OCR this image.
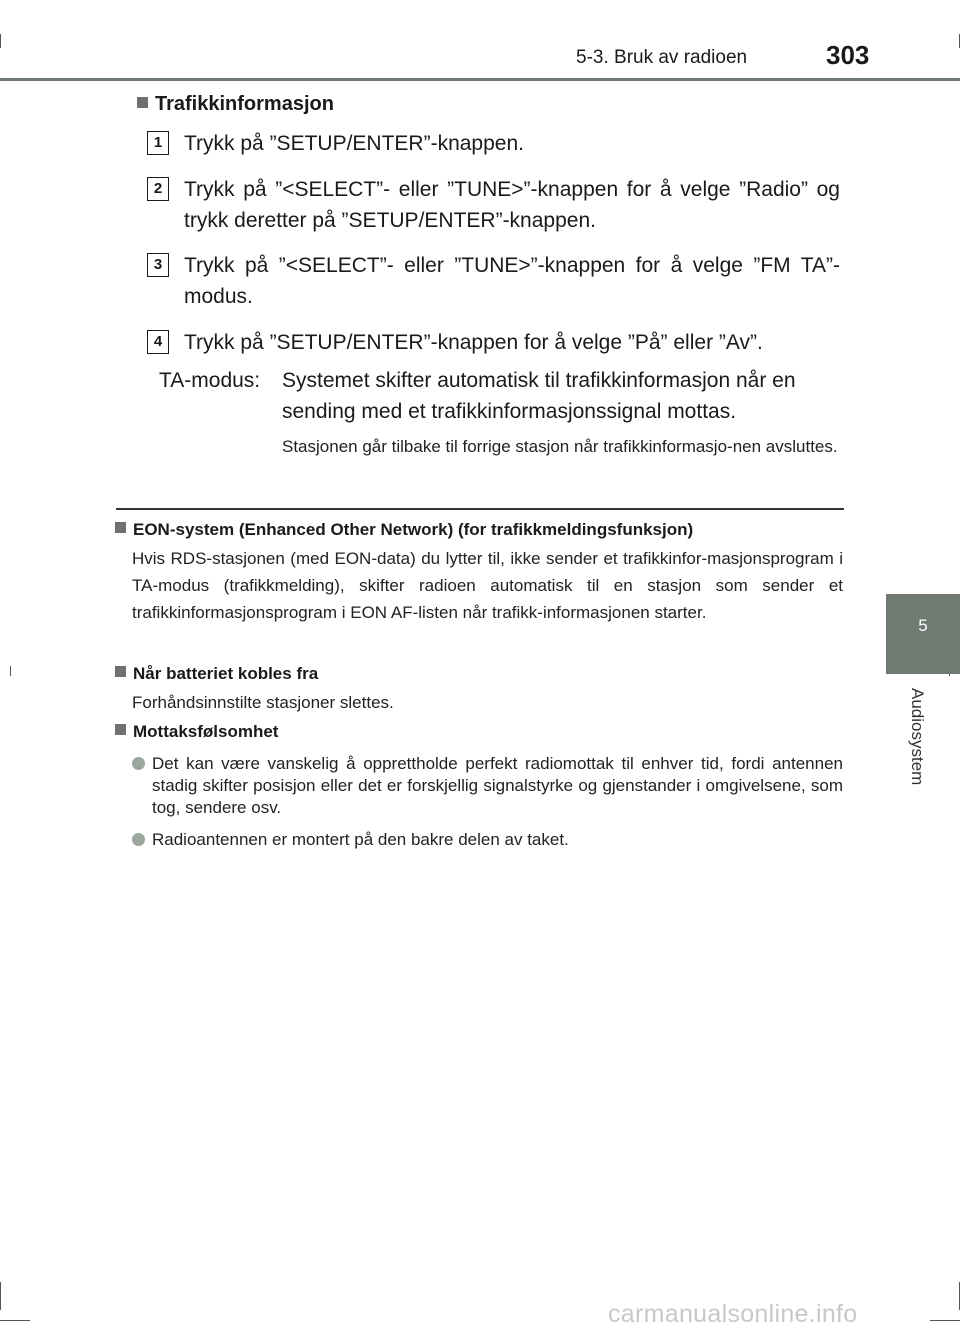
5-3. Bruk av radioen	303
5
Audiosystem
Trafikkinformasjon
1	Trykk på ”SETUP/ENTER”-knappen.
2	Trykk på ”<SELECT”- eller ”TUNE>”-knappen for å velge ”Radio” og trykk deretter på ”SETUP/ENTER”-knappen.
3	Trykk på ”<SELECT”- eller ”TUNE>”-knappen for å velge ”FM TA”-modus.
4	Trykk på ”SETUP/ENTER”-knappen for å velge ”På” eller ”Av”.
TA-modus: Systemet skifter automatisk til trafikkinformasjon når en sending med et trafikkinformasjonssignal mottas.
Stasjonen går tilbake til forrige stasjon når trafikkinformasjo-nen avsluttes.
EON-system (Enhanced Other Network) (for trafikkmeldingsfunksjon)
Hvis RDS-stasjonen (med EON-data) du lytter til, ikke sender et trafikkinfor-masjonsprogram i TA-modus (trafikkmelding), skifter radioen automatisk til en stasjon som sender et trafikkinformasjonsprogram i EON AF-listen når trafikk-informasjonen starter.
Når batteriet kobles fra
Forhåndsinnstilte stasjoner slettes.
Mottaksfølsomhet
Det kan være vanskelig å opprettholde perfekt radiomottak til enhver tid, fordi antennen stadig skifter posisjon eller det er forskjellig signalstyrke og gjenstander i omgivelsene, som tog, sendere osv.
Radioantennen er montert på den bakre delen av taket.
carmanualsonline.info
